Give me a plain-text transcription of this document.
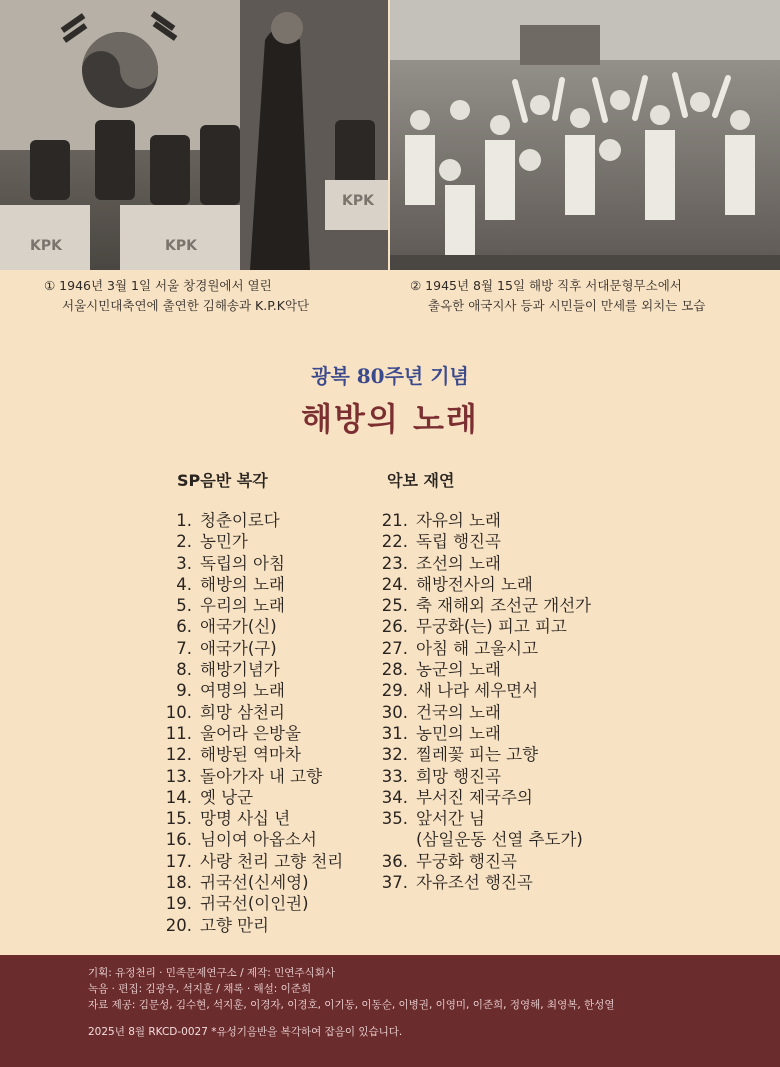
KPK	KPK
KPK
① 1946년 3월 1일 서울 창경원에서 열린
서울시민대축연에 출연한 김해송과 K.P.K악단
② 1945년 8월 15일 해방 직후 서대문형무소에서
출옥한 애국지사 등과 시민들이 만세를 외치는 모습
광복 80주년 기념
해방의 노래
SP음반 복각	악보 재연
1. 청춘이로다
2. 농민가
3. 독립의 아침
4. 해방의 노래
5. 우리의 노래
6. 애국가(신)
7. 애국가(구)
8. 해방기념가
9. 여명의 노래
10. 희망 삼천리
11. 울어라 은방울
12. 해방된 역마차
13. 돌아가자 내 고향
14. 옛 낭군
15. 망명 사십 년
16. 님이여 아옵소서
17. 사랑 천리 고향 천리
18. 귀국선(신세영)
19. 귀국선(이인권)
20. 고향 만리
21. 자유의 노래
22. 독립 행진곡
23. 조선의 노래
24. 해방전사의 노래
25. 축 재해외 조선군 개선가
26. 무궁화(는) 피고 피고
27. 아침 해 고울시고
28. 농군의 노래
29. 새 나라 세우면서
30. 건국의 노래
31. 농민의 노래
32. 찔레꽃 피는 고향
33. 희망 행진곡
34. 부서진 제국주의
35. 앞서간 님
(삼일운동 선열 추도가)
36. 무궁화 행진곡
37. 자유조선 행진곡
기획: 유정천리 · 민족문제연구소 / 제작: 민연주식회사
녹음 · 편집: 김광우, 석지훈 / 채록 · 해설: 이준희
자료 제공: 김문성, 김수현, 석지훈, 이경자, 이경호, 이기동, 이동순, 이병권, 이영미, 이준희, 정영해, 최영복, 한성열
2025년 8월 RKCD-0027 *유성기음반을 복각하여 잡음이 있습니다.
